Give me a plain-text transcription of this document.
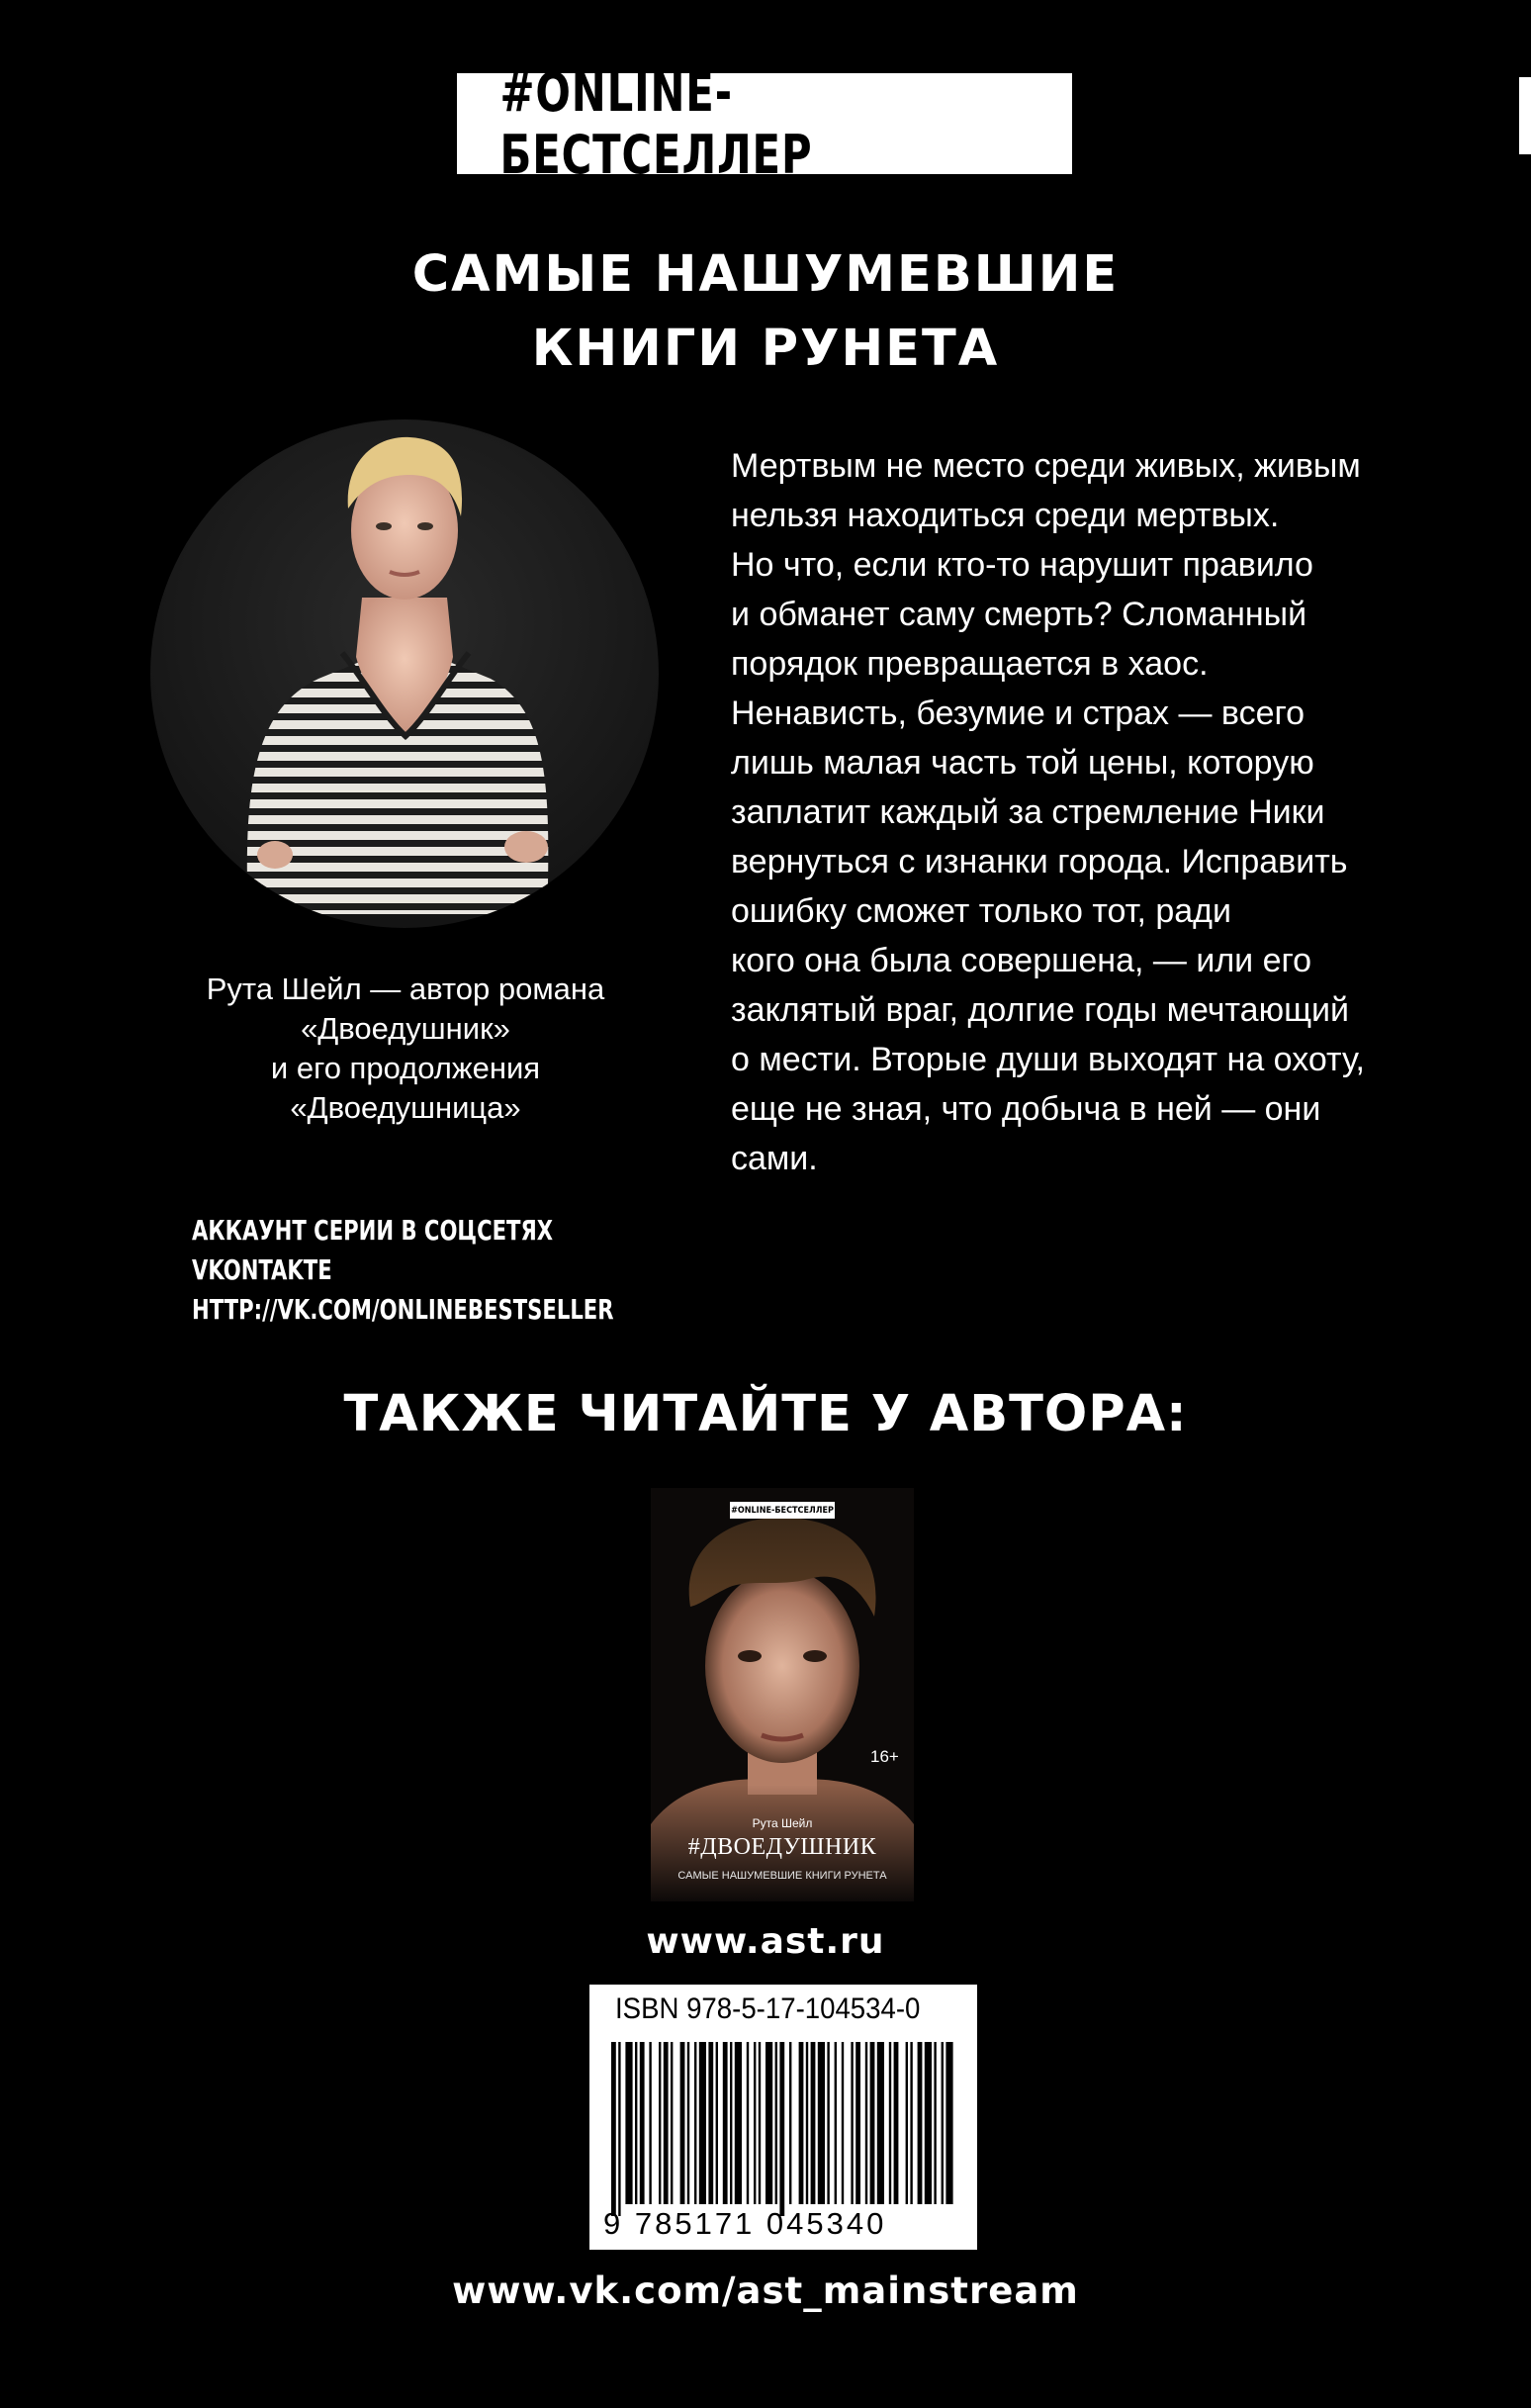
#ONLINE-БЕСТСЕЛЛЕР
САМЫЕ НАШУМЕВШИЕ
КНИГИ РУНЕТА
Рута Шейл — автор романа
«Двоедушник»
и его продолжения
«Двоедушница»
АККАУНТ СЕРИИ В СОЦСЕТЯХ
VKONTAKTE
HTTP://VK.COM/ONLINEBESTSELLER
Мертвым не место среди живых, живым
нельзя находиться среди мертвых.
Но что, если кто-то нарушит правило
и обманет саму смерть? Сломанный
порядок превращается в хаос.
Ненависть, безумие и страх — всего
лишь малая часть той цены, которую
заплатит каждый за стремление Ники
вернуться с изнанки города. Исправить
ошибку сможет только тот, ради
кого она была совершена, — или его
заклятый враг, долгие годы мечтающий
о мести. Вторые души выходят на охоту,
еще не зная, что добыча в ней — они
сами.
ТАКЖЕ ЧИТАЙТЕ У АВТОРА:
#ONLINE-БЕСТСЕЛЛЕР
16+
Рута Шейл
#ДВОЕДУШНИК
САМЫЕ НАШУМЕВШИЕ КНИГИ РУНЕТА
www.ast.ru
ISBN 978-5-17-104534-0
9 785171 045340
www.vk.com/ast_mainstream
